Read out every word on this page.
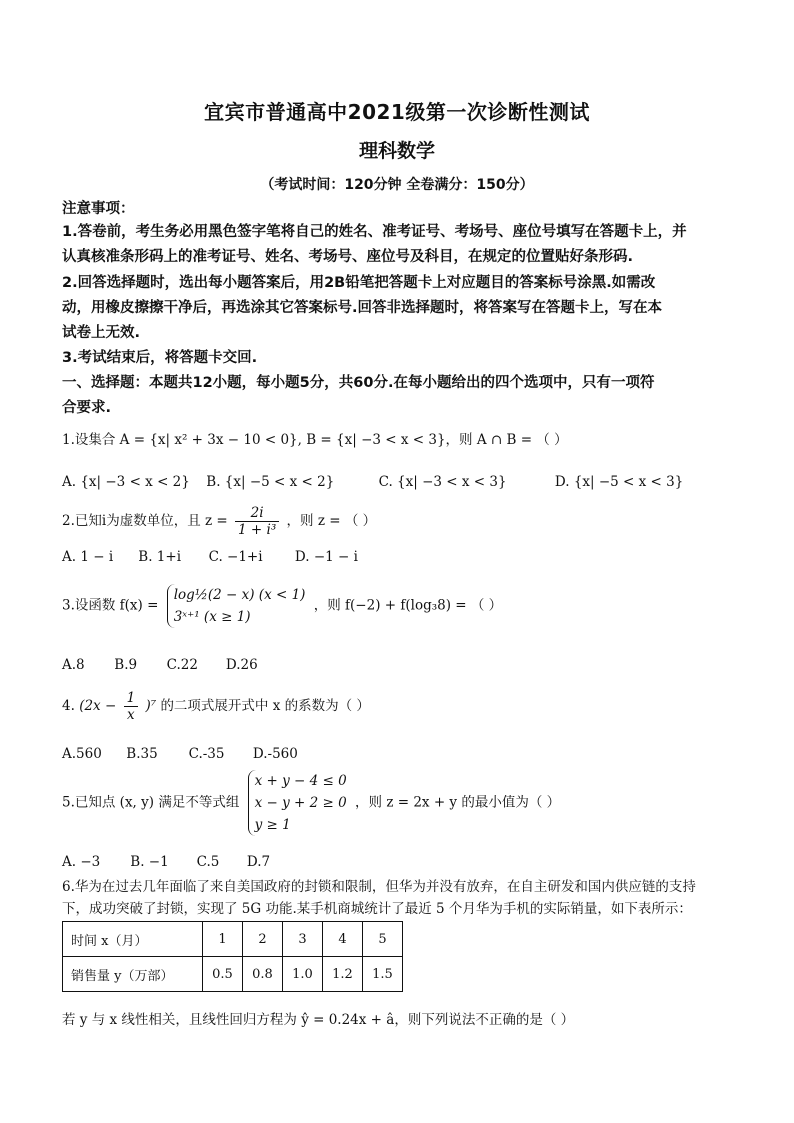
宜宾市普通高中2021级第一次诊断性测试
理科数学
（考试时间：120分钟 全卷满分：150分）
注意事项：
1.答卷前，考生务必用黑色签字笔将自己的姓名、准考证号、考场号、座位号填写在答题卡上，并
认真核准条形码上的准考证号、姓名、考场号、座位号及科目，在规定的位置贴好条形码.
2.回答选择题时，选出每小题答案后，用2B铅笔把答题卡上对应题目的答案标号涂黑.如需改
动，用橡皮擦擦干净后，再选涂其它答案标号.回答非选择题时，将答案写在答题卡上，写在本
试卷上无效.
3.考试结束后，将答题卡交回.
一、选择题：本题共12小题，每小题5分，共60分.在每小题给出的四个选项中，只有一项符
合要求.
1.设集合 A = {x| x² + 3x − 10 < 0}, B = {x| −3 < x < 3}，则 A ∩ B = （ ）
A. {x| −3 < x < 2} B. {x| −5 < x < 2}	C. {x| −3 < x < 3}	D. {x| −5 < x < 3}
2.已知i为虚数单位，且 $z = \frac{2i}{\text{1 + i³}}$ ，则 z = （ ）
A. 1 − i B. 1+i C. −1+i D. −1 − i
3.设函数 f(x) =
log½(2 − x) (x < 1)
3ˣ⁺¹ (x ≥ 1)
，则 f(−2) + f(log₃8) = （ ）
A.8 B.9 C.22 D.26
4. $(2x - \frac{1}{x} )^7$ 的二项式展开式中 x 的系数为（ ）
A.560 B.35 C.-35 D.-560
5.已知点 (x, y) 满足不等式组
x + y − 4 ≤ 0
x − y + 2 ≥ 0
y ≥ 1
，则 z = 2x + y 的最小值为（ ）
A. −3 B. −1 C.5 D.7
6.华为在过去几年面临了来自美国政府的封锁和限制，但华为并没有放弃，在自主研发和国内供应链的支持
下，成功突破了封锁，实现了 5G 功能.某手机商城统计了最近 5 个月华为手机的实际销量，如下表所示：
时间 x（月）	1	2	3	4	5
销售量 y（万部）	0.5	0.8	1.0	1.2	1.5
若 y 与 x 线性相关，且线性回归方程为 ŷ = 0.24x + â，则下列说法不正确的是（ ）
